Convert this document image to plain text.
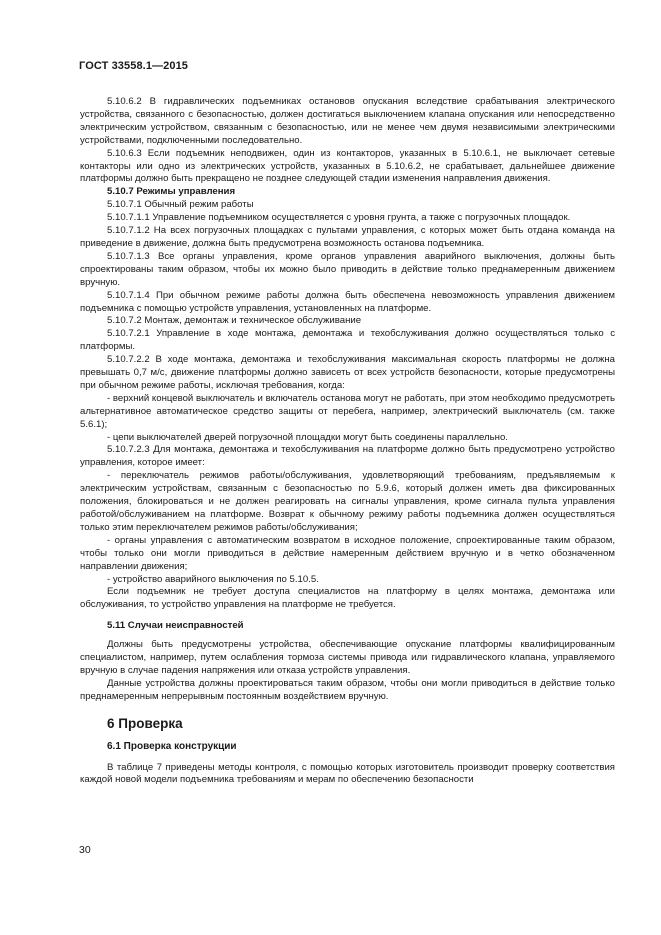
ГОСТ 33558.1—2015

5.10.6.2 В гидравлических подъемниках остановов опускания вследствие срабатывания электрического устройства, связанного с безопасностью, должен достигаться выключением клапана опускания или непосредственно электрическим устройством, связанным с безопасностью, или не менее чем двумя независимыми электрическими устройствами, подключенными последовательно.

5.10.6.3 Если подъемник неподвижен, один из контакторов, указанных в 5.10.6.1, не выключает сетевые контакторы или одно из электрических устройств, указанных в 5.10.6.2, не срабатывает, дальнейшее движение платформы должно быть прекращено не позднее следующей стадии изменения направления движения.

5.10.7 Режимы управления

5.10.7.1 Обычный режим работы

5.10.7.1.1 Управление подъемником осуществляется с уровня грунта, а также с погрузочных площадок.

5.10.7.1.2 На всех погрузочных площадках с пультами управления, с которых может быть отдана команда на приведение в движение, должна быть предусмотрена возможность останова подъемника.

5.10.7.1.3 Все органы управления, кроме органов управления аварийного выключения, должны быть спроектированы таким образом, чтобы их можно было приводить в действие только преднамеренным движением вручную.

5.10.7.1.4 При обычном режиме работы должна быть обеспечена невозможность управления движением подъемника с помощью устройств управления, установленных на платформе.

5.10.7.2 Монтаж, демонтаж и техническое обслуживание

5.10.7.2.1 Управление в ходе монтажа, демонтажа и техобслуживания должно осуществляться только с платформы.

5.10.7.2.2 В ходе монтажа, демонтажа и техобслуживания максимальная скорость платформы не должна превышать 0,7 м/с, движение платформы должно зависеть от всех устройств безопасности, которые предусмотрены при обычном режиме работы, исключая требования, когда:

- верхний концевой выключатель и включатель останова могут не работать, при этом необходимо предусмотреть альтернативное автоматическое средство защиты от перебега, например, электрический выключатель (см. также 5.6.1);

- цепи выключателей дверей погрузочной площадки могут быть соединены параллельно.

5.10.7.2.3 Для монтажа, демонтажа и техобслуживания на платформе должно быть предусмотрено устройство управления, которое имеет:

- переключатель режимов работы/обслуживания, удовлетворяющий требованиям, предъявляемым к электрическим устройствам, связанным с безопасностью по 5.9.6, который должен иметь два фиксированных положения, блокироваться и не должен реагировать на сигналы управления, кроме сигнала пульта управления работой/обслуживанием на платформе. Возврат к обычному режиму работы подъемника должен осуществляться только этим переключателем режимов работы/обслуживания;

- органы управления с автоматическим возвратом в исходное положение, спроектированные таким образом, чтобы только они могли приводиться в действие намеренным действием вручную и в четко обозначенном направлении движения;

- устройство аварийного выключения по 5.10.5.

Если подъемник не требует доступа специалистов на платформу в целях монтажа, демонтажа или обслуживания, то устройство управления на платформе не требуется.

5.11 Случаи неисправностей

Должны быть предусмотрены устройства, обеспечивающие опускание платформы квалифицированным специалистом, например, путем ослабления тормоза системы привода или гидравлического клапана, управляемого вручную в случае падения напряжения или отказа устройств управления.

Данные устройства должны проектироваться таким образом, чтобы они могли приводиться в действие только преднамеренным непрерывным постоянным воздействием вручную.

6 Проверка
6.1 Проверка конструкции

В таблице 7 приведены методы контроля, с помощью которых изготовитель производит проверку соответствия каждой новой модели подъемника требованиям и мерам по обеспечению безопасности

30
